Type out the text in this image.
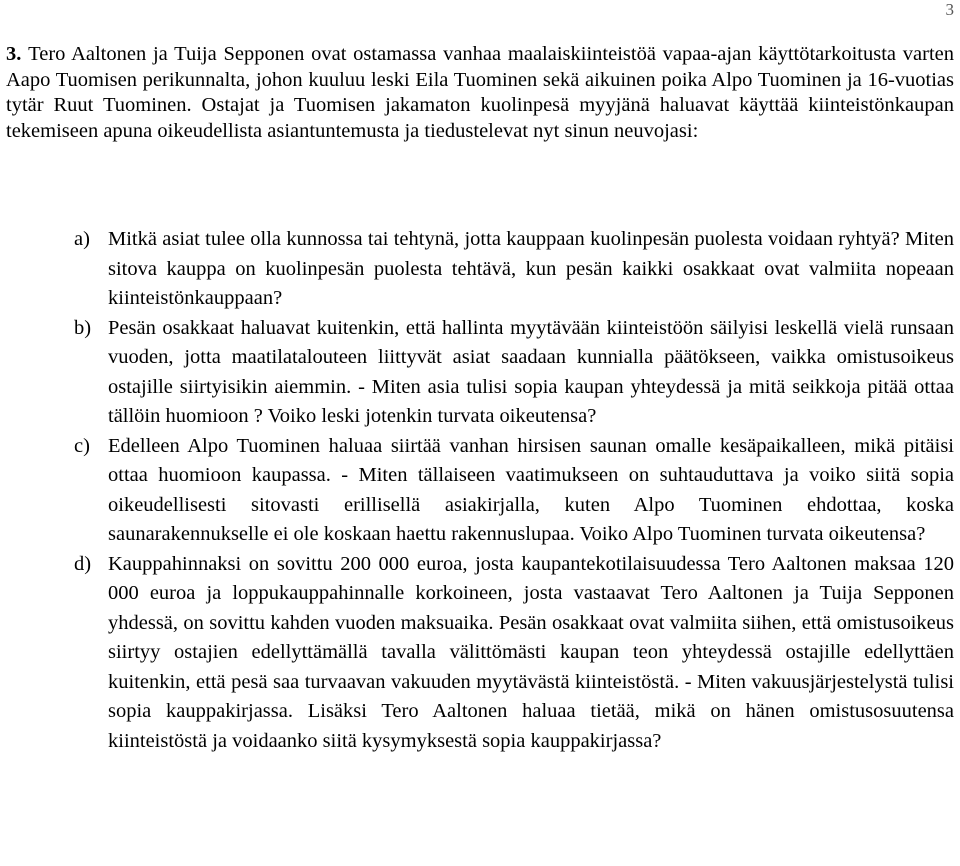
3
3. Tero Aaltonen ja Tuija Sepponen ovat ostamassa vanhaa maalaiskiinteistöä vapaa-ajan käyttötarkoitusta varten Aapo Tuomisen perikunnalta, johon kuuluu leski Eila Tuominen sekä aikuinen poika Alpo Tuominen ja 16-vuotias tytär Ruut Tuominen. Ostajat ja Tuomisen jakamaton kuolinpesä myyjänä haluavat käyttää kiinteistönkaupan tekemiseen apuna oikeudellista asiantuntemusta ja tiedustelevat nyt sinun neuvojasi:
a) Mitkä asiat tulee olla kunnossa tai tehtynä, jotta kauppaan kuolinpesän puolesta voidaan ryhtyä? Miten sitova kauppa on kuolinpesän puolesta tehtävä, kun pesän kaikki osakkaat ovat valmiita nopeaan kiinteistönkauppaan?
b) Pesän osakkaat haluavat kuitenkin, että hallinta myytävään kiinteistöön säilyisi leskellä vielä runsaan vuoden, jotta maatilatalouteen liittyvät asiat saadaan kunnialla päätökseen, vaikka omistusoikeus ostajille siirtyisikin aiemmin. - Miten asia tulisi sopia kaupan yhteydessä ja mitä seikkoja pitää ottaa tällöin huomioon ? Voiko leski jotenkin turvata oikeutensa?
c) Edelleen Alpo Tuominen haluaa siirtää vanhan hirsisen saunan omalle kesäpaikalleen, mikä pitäisi ottaa huomioon kaupassa. - Miten tällaiseen vaatimukseen on suhtauduttava ja voiko siitä sopia oikeudellisesti sitovasti erillisellä asiakirjalla, kuten Alpo Tuominen ehdottaa, koska saunarakennukselle ei ole koskaan haettu rakennuslupaa. Voiko Alpo Tuominen turvata oikeutensa?
d) Kauppahinnaksi on sovittu 200 000 euroa, josta kaupantekotilaisuudessa Tero Aaltonen maksaa 120 000 euroa ja loppukauppahinnalle korkoineen, josta vastaavat Tero Aaltonen ja Tuija Sepponen yhdessä, on sovittu kahden vuoden maksuaika. Pesän osakkaat ovat valmiita siihen, että omistusoikeus siirtyy ostajien edellyttämällä tavalla välittömästi kaupan teon yhteydessä ostajille edellyttäen kuitenkin, että pesä saa turvaavan vakuuden myytävästä kiinteistöstä. - Miten vakuusjärjestelystä tulisi sopia kauppakirjassa. Lisäksi Tero Aaltonen haluaa tietää, mikä on hänen omistusosuutensa kiinteistöstä ja voidaanko siitä kysymyksestä sopia kauppakirjassa?
